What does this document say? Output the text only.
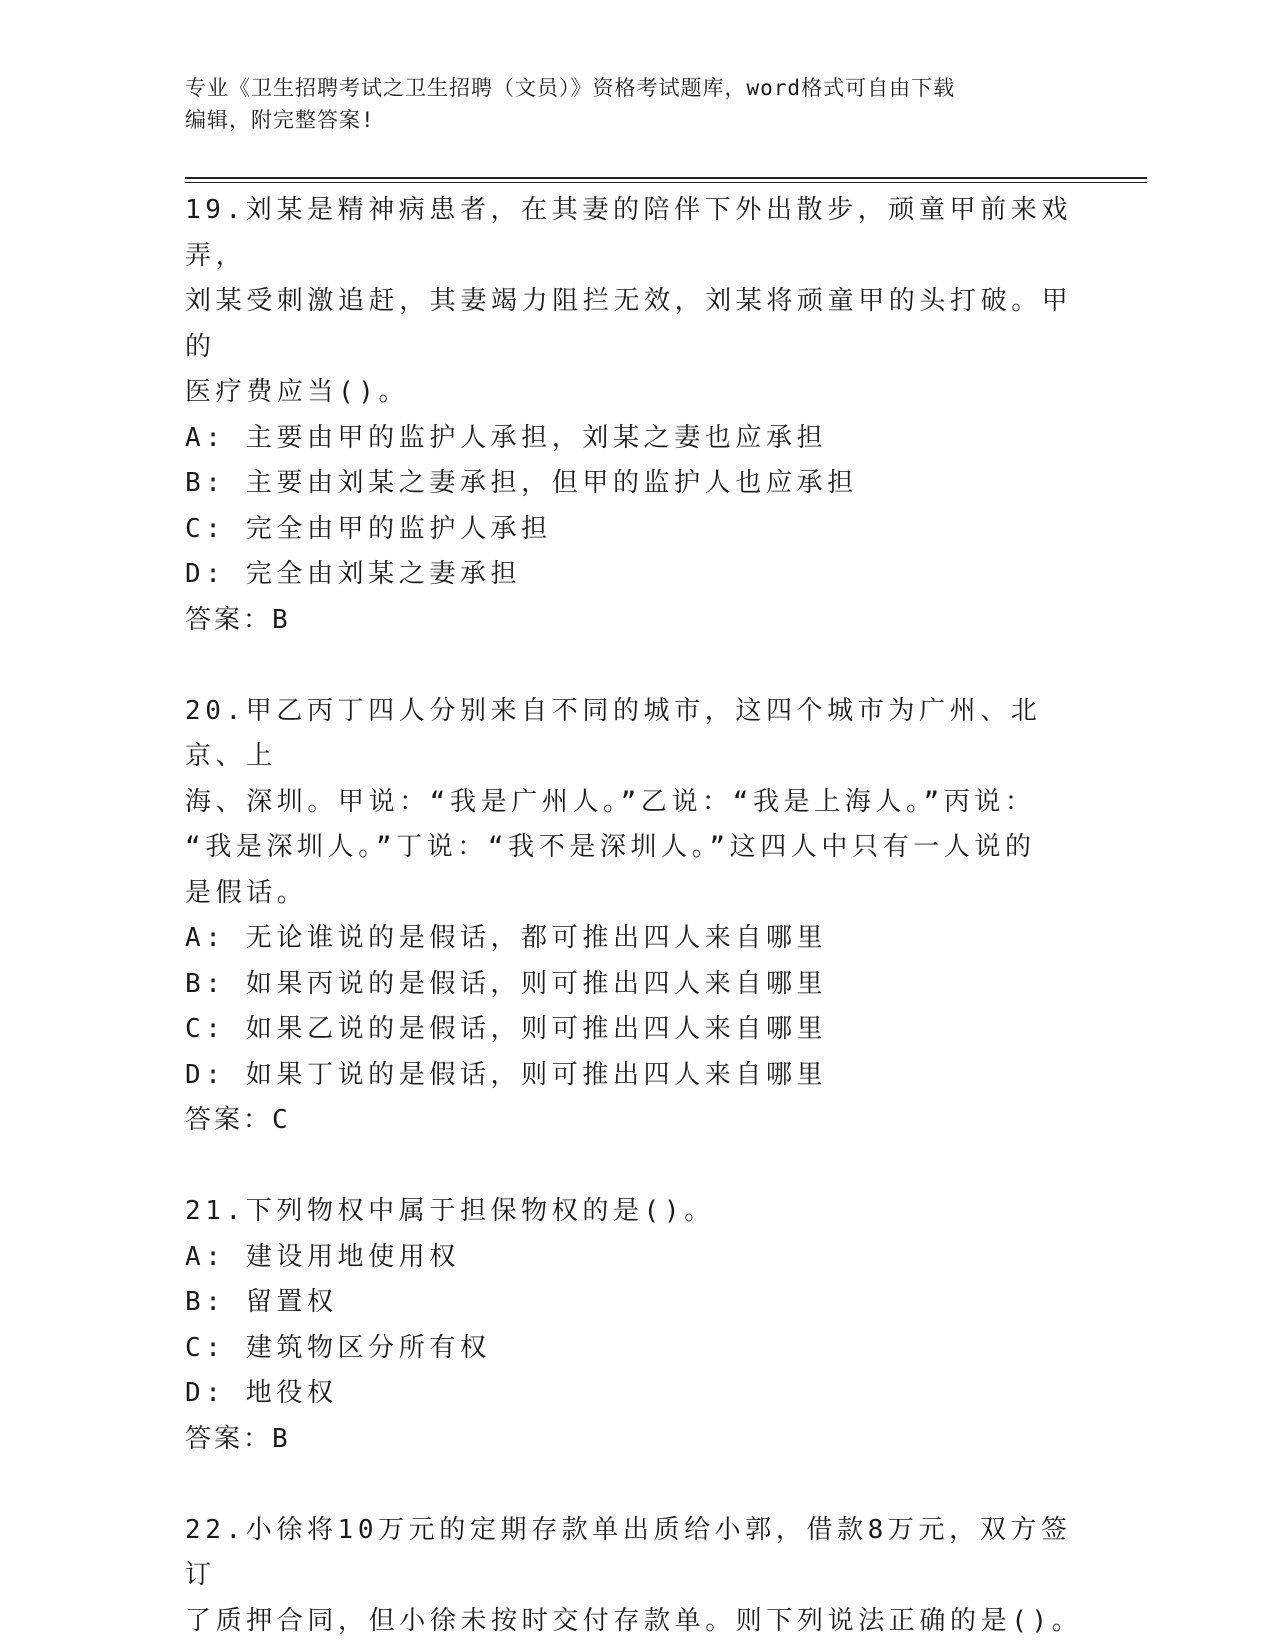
专业《卫生招聘考试之卫生招聘（文员）》资格考试题库，word格式可自由下载
编辑，附完整答案!
19.刘某是精神病患者，在其妻的陪伴下外出散步，顽童甲前来戏弄，
刘某受刺激追赶，其妻竭力阻拦无效，刘某将顽童甲的头打破。甲的
医疗费应当()。
A: 主要由甲的监护人承担，刘某之妻也应承担
B: 主要由刘某之妻承担，但甲的监护人也应承担
C: 完全由甲的监护人承担
D: 完全由刘某之妻承担
答案：B
20.甲乙丙丁四人分别来自不同的城市，这四个城市为广州、北京、上
海、深圳。甲说：“我是广州人。”乙说：“我是上海人。”丙说：
“我是深圳人。”丁说：“我不是深圳人。”这四人中只有一人说的
是假话。
A: 无论谁说的是假话，都可推出四人来自哪里
B: 如果丙说的是假话，则可推出四人来自哪里
C: 如果乙说的是假话，则可推出四人来自哪里
D: 如果丁说的是假话，则可推出四人来自哪里
答案：C
21.下列物权中属于担保物权的是()。
A: 建设用地使用权
B: 留置权
C: 建筑物区分所有权
D: 地役权
答案：B
22.小徐将10万元的定期存款单出质给小郭，借款8万元，双方签订
了质押合同，但小徐未按时交付存款单。则下列说法正确的是()。
